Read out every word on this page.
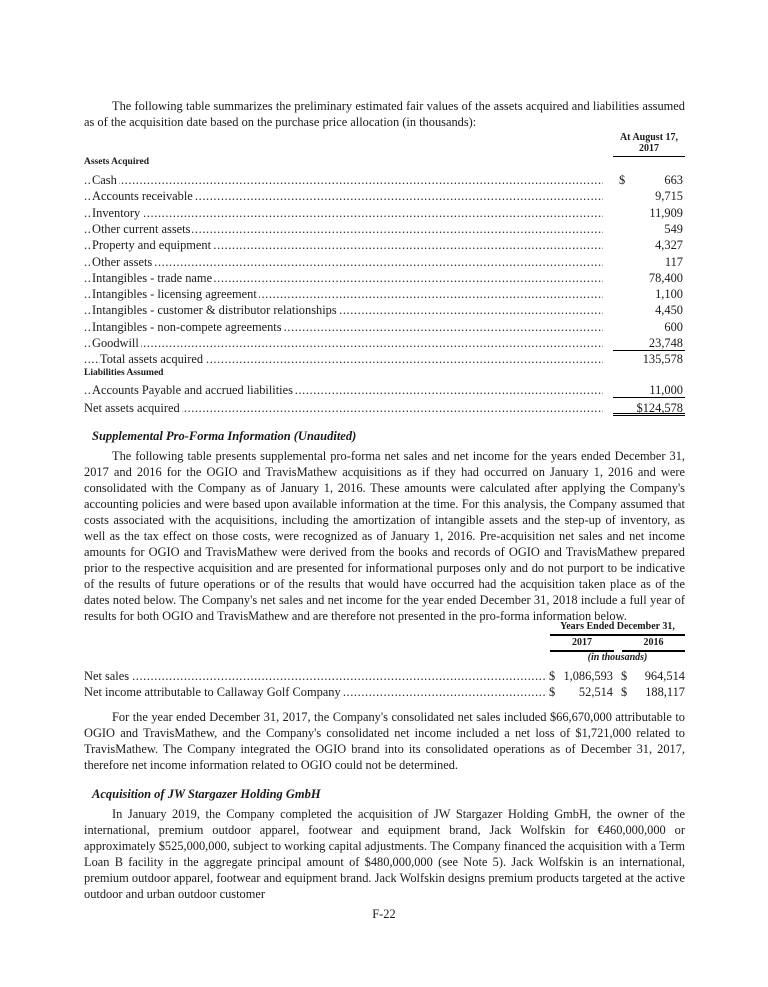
The following table summarizes the preliminary estimated fair values of the assets acquired and liabilities assumed as of the acquisition date based on the purchase price allocation (in thousands):

At August 17, 2017
Assets Acquired
Cash .....	$	663
Accounts receivable .....	9,715
Inventory .....	11,909
Other current assets .....	549
Property and equipment .....	4,327
Other assets .....	117
Intangibles - trade name .....	78,400
Intangibles - licensing agreement .....	1,100
Intangibles - customer & distributor relationships .....	4,450
Intangibles - non-compete agreements .....	600
Goodwill .....	23,748
Total assets acquired .....	135,578
Liabilities Assumed
Accounts Payable and accrued liabilities .....	11,000
Net assets acquired .....	$124,578
Supplemental Pro-Forma Information (Unaudited)

The following table presents supplemental pro-forma net sales and net income for the years ended December 31, 2017 and 2016 for the OGIO and TravisMathew acquisitions as if they had occurred on January 1, 2016 and were consolidated with the Company as of January 1, 2016. These amounts were calculated after applying the Company's accounting policies and were based upon available information at the time. For this analysis, the Company assumed that costs associated with the acquisitions, including the amortization of intangible assets and the step-up of inventory, as well as the tax effect on those costs, were recognized as of January 1, 2016. Pre-acquisition net sales and net income amounts for OGIO and TravisMathew were derived from the books and records of OGIO and TravisMathew prepared prior to the respective acquisition and are presented for informational purposes only and do not purport to be indicative of the results of future operations or of the results that would have occurred had the acquisition taken place as of the dates noted below. The Company's net sales and net income for the year ended December 31, 2018 include a full year of results for both OGIO and TravisMathew and are therefore not presented in the pro-forma information below.

Years Ended December 31,
2017	2016
(in thousands)
Net sales .....	$ 1,086,593 $	964,514
Net income attributable to Callaway Golf Company .....	$	52,514 $	188,117

For the year ended December 31, 2017, the Company's consolidated net sales included $66,670,000 attributable to OGIO and TravisMathew, and the Company's consolidated net income included a net loss of $1,721,000 related to TravisMathew. The Company integrated the OGIO brand into its consolidated operations as of December 31, 2017, therefore net income information related to OGIO could not be determined.

Acquisition of JW Stargazer Holding GmbH

In January 2019, the Company completed the acquisition of JW Stargazer Holding GmbH, the owner of the international, premium outdoor apparel, footwear and equipment brand, Jack Wolfskin for €460,000,000 or approximately $525,000,000, subject to working capital adjustments. The Company financed the acquisition with a Term Loan B facility in the aggregate principal amount of $480,000,000 (see Note 5). Jack Wolfskin is an international, premium outdoor apparel, footwear and equipment brand. Jack Wolfskin designs premium products targeted at the active outdoor and urban outdoor customer

F-22
